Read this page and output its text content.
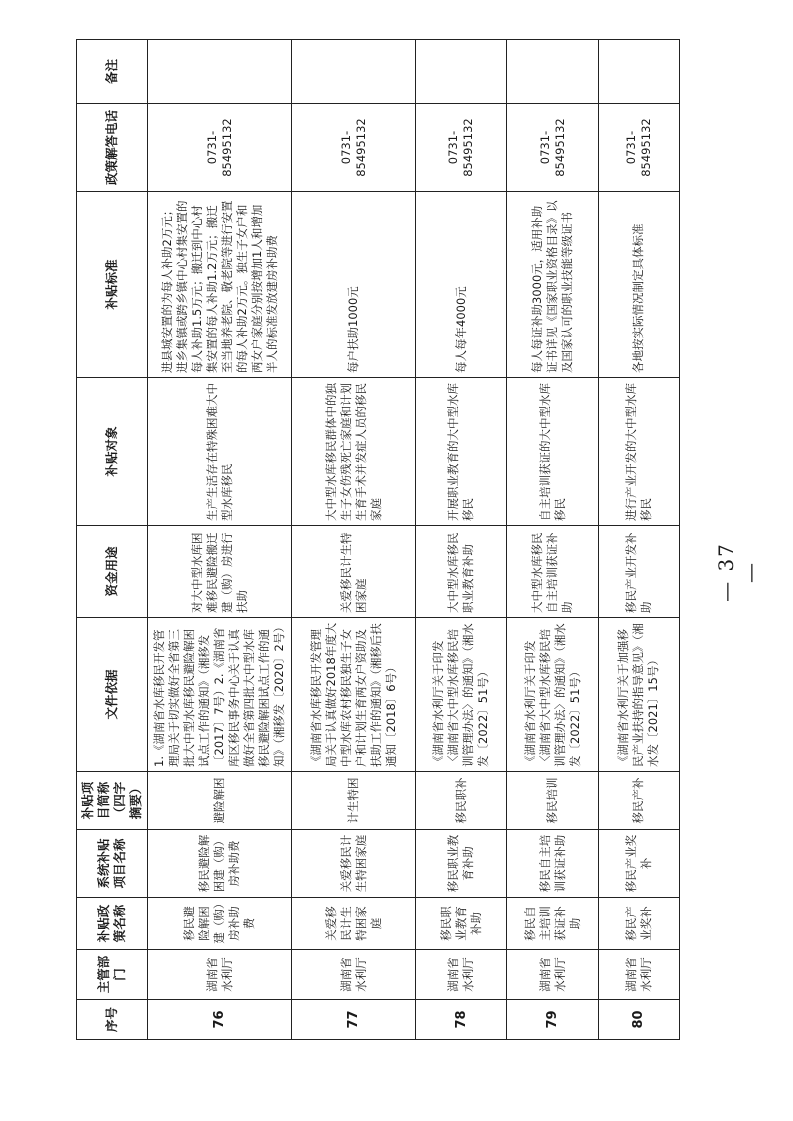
— 37 —
序号	主管部门	补贴政策名称	系统补贴项目名称	补贴项目简称（四字摘要）	文件依据	资金用途	补贴对象	补贴标准	政策解答电话	备注
76	湖南省水利厅	移民避险解困建（购）房补助费	移民避险解困建（购）房补助费	避险解困	1.《湖南省水库移民开发管理局关于切实做好全省第三批大中型水库移民避险解困试点工作的通知》（湘移发〔2017〕7号）2.《湖南省库区移民事务中心关于认真做好全省第四批大中型水库移民避险解困试点工作的通知》（湘移发〔2020〕2号）	对大中型水库困难移民避险搬迁建（购）房进行扶助	生产生活存在特殊困难大中型水库移民	进县城安置的为每人补助2万元；进乡集镇或跨乡镇中心村集安置的每人补助1.5万元；搬迁到中心村集安置的每人补助1.2万元；搬迁至当地养老院、敬老院等进行安置的每人补助2万元。独生子女户和两女户家庭分别按增加1人和增加半人的标准发放建房补助费	0731-85495132	
77	湖南省水利厅	关爱移民计生特困家庭	关爱移民计生特困家庭	计生特困	《湖南省水库移民开发管理局关于认真做好2018年度大中型水库农村移民独生子女户和计划生育两女户资助及扶助工作的通知》（湘移后扶通知〔2018〕6号）	关爱移民计生特困家庭	大中型水库移民群体中的独生子女伤残死亡家庭和计划生育手术并发症人员的移民家庭	每户扶助1000元	0731-85495132	
78	湖南省水利厅	移民职业教育补助	移民职业教育补助	移民职补	《湖南省水利厅关于印发〈湖南省大中型水库移民培训管理办法〉的通知》（湘水发〔2022〕51号）	大中型水库移民职业教育补助	开展职业教育的大中型水库移民	每人每年4000元	0731-85495132	
79	湖南省水利厅	移民自主培训获证补助	移民自主培训获证补助	移民培训	《湖南省水利厅关于印发〈湖南省大中型水库移民培训管理办法〉的通知》（湘水发〔2022〕51号）	大中型水库移民自主培训获证补助	自主培训获证的大中型水库移民	每人每证补助3000元，适用补助证书详见《国家职业资格目录》以及国家认可的职业技能等级证书	0731-85495132	
80	湖南省水利厅	移民产业奖补	移民产业奖补	移民产补	《湖南省水利厅关于加强移民产业扶持的指导意见》（湘水发〔2021〕15号）	移民产业开发补助	进行产业开发的大中型水库移民	各地按实际情况制定具体标准	0731-85495132	
